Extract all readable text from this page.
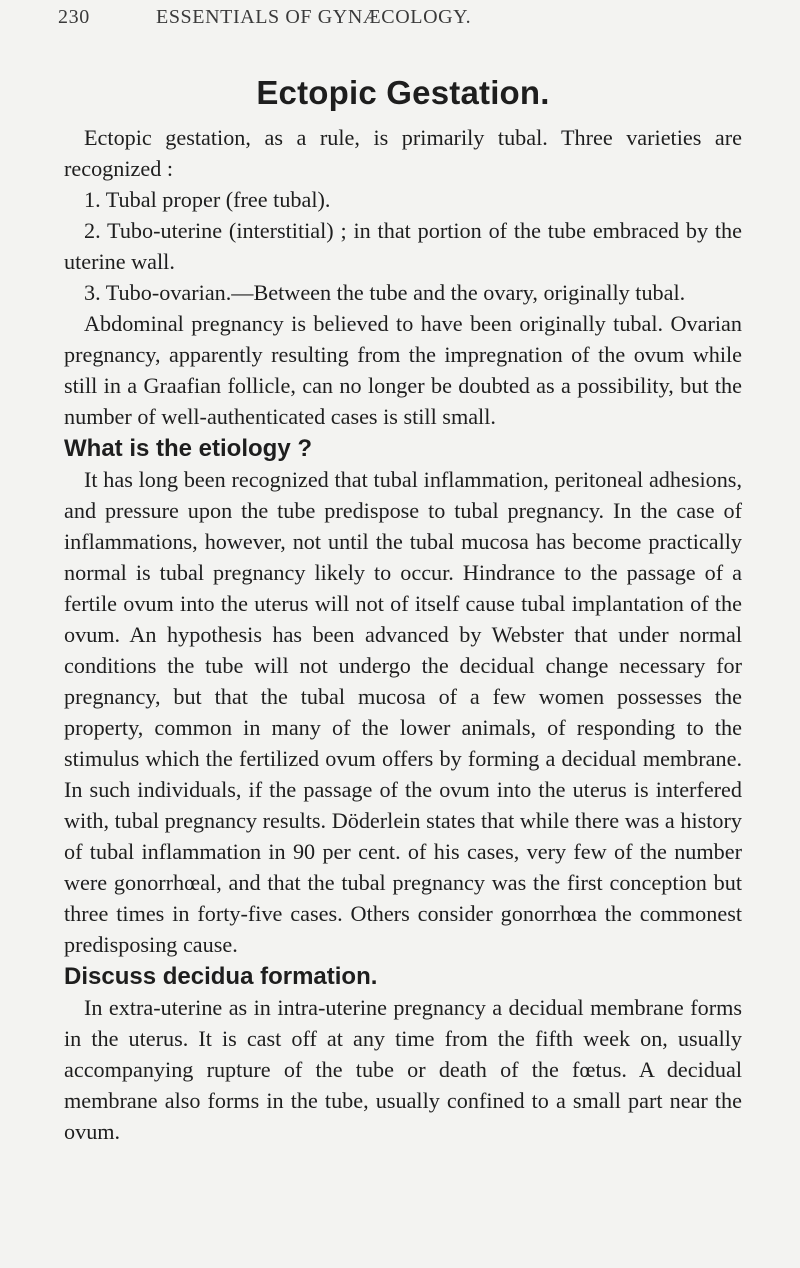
230	ESSENTIALS OF GYNÆCOLOGY.
Ectopic Gestation.

Ectopic gestation, as a rule, is primarily tubal. Three varieties are recognized :

1. Tubal proper (free tubal).

2. Tubo-uterine (interstitial) ; in that portion of the tube embraced by the uterine wall.

3. Tubo-ovarian.—Between the tube and the ovary, originally tubal.

Abdominal pregnancy is believed to have been originally tubal. Ovarian pregnancy, apparently resulting from the impregnation of the ovum while still in a Graafian follicle, can no longer be doubted as a possibility, but the number of well-authenticated cases is still small.

What is the etiology ?

It has long been recognized that tubal inflammation, peritoneal adhesions, and pressure upon the tube predispose to tubal pregnancy. In the case of inflammations, however, not until the tubal mucosa has become practically normal is tubal pregnancy likely to occur. Hindrance to the passage of a fertile ovum into the uterus will not of itself cause tubal implantation of the ovum. An hypothesis has been advanced by Webster that under normal conditions the tube will not undergo the decidual change necessary for pregnancy, but that the tubal mucosa of a few women possesses the property, common in many of the lower animals, of responding to the stimulus which the fertilized ovum offers by forming a decidual membrane. In such individuals, if the passage of the ovum into the uterus is interfered with, tubal pregnancy results. Döderlein states that while there was a history of tubal inflammation in 90 per cent. of his cases, very few of the number were gonorrhœal, and that the tubal pregnancy was the first conception but three times in forty-five cases. Others consider gonorrhœa the commonest predisposing cause.

Discuss decidua formation.

In extra-uterine as in intra-uterine pregnancy a decidual membrane forms in the uterus. It is cast off at any time from the fifth week on, usually accompanying rupture of the tube or death of the fœtus. A decidual membrane also forms in the tube, usually confined to a small part near the ovum.
